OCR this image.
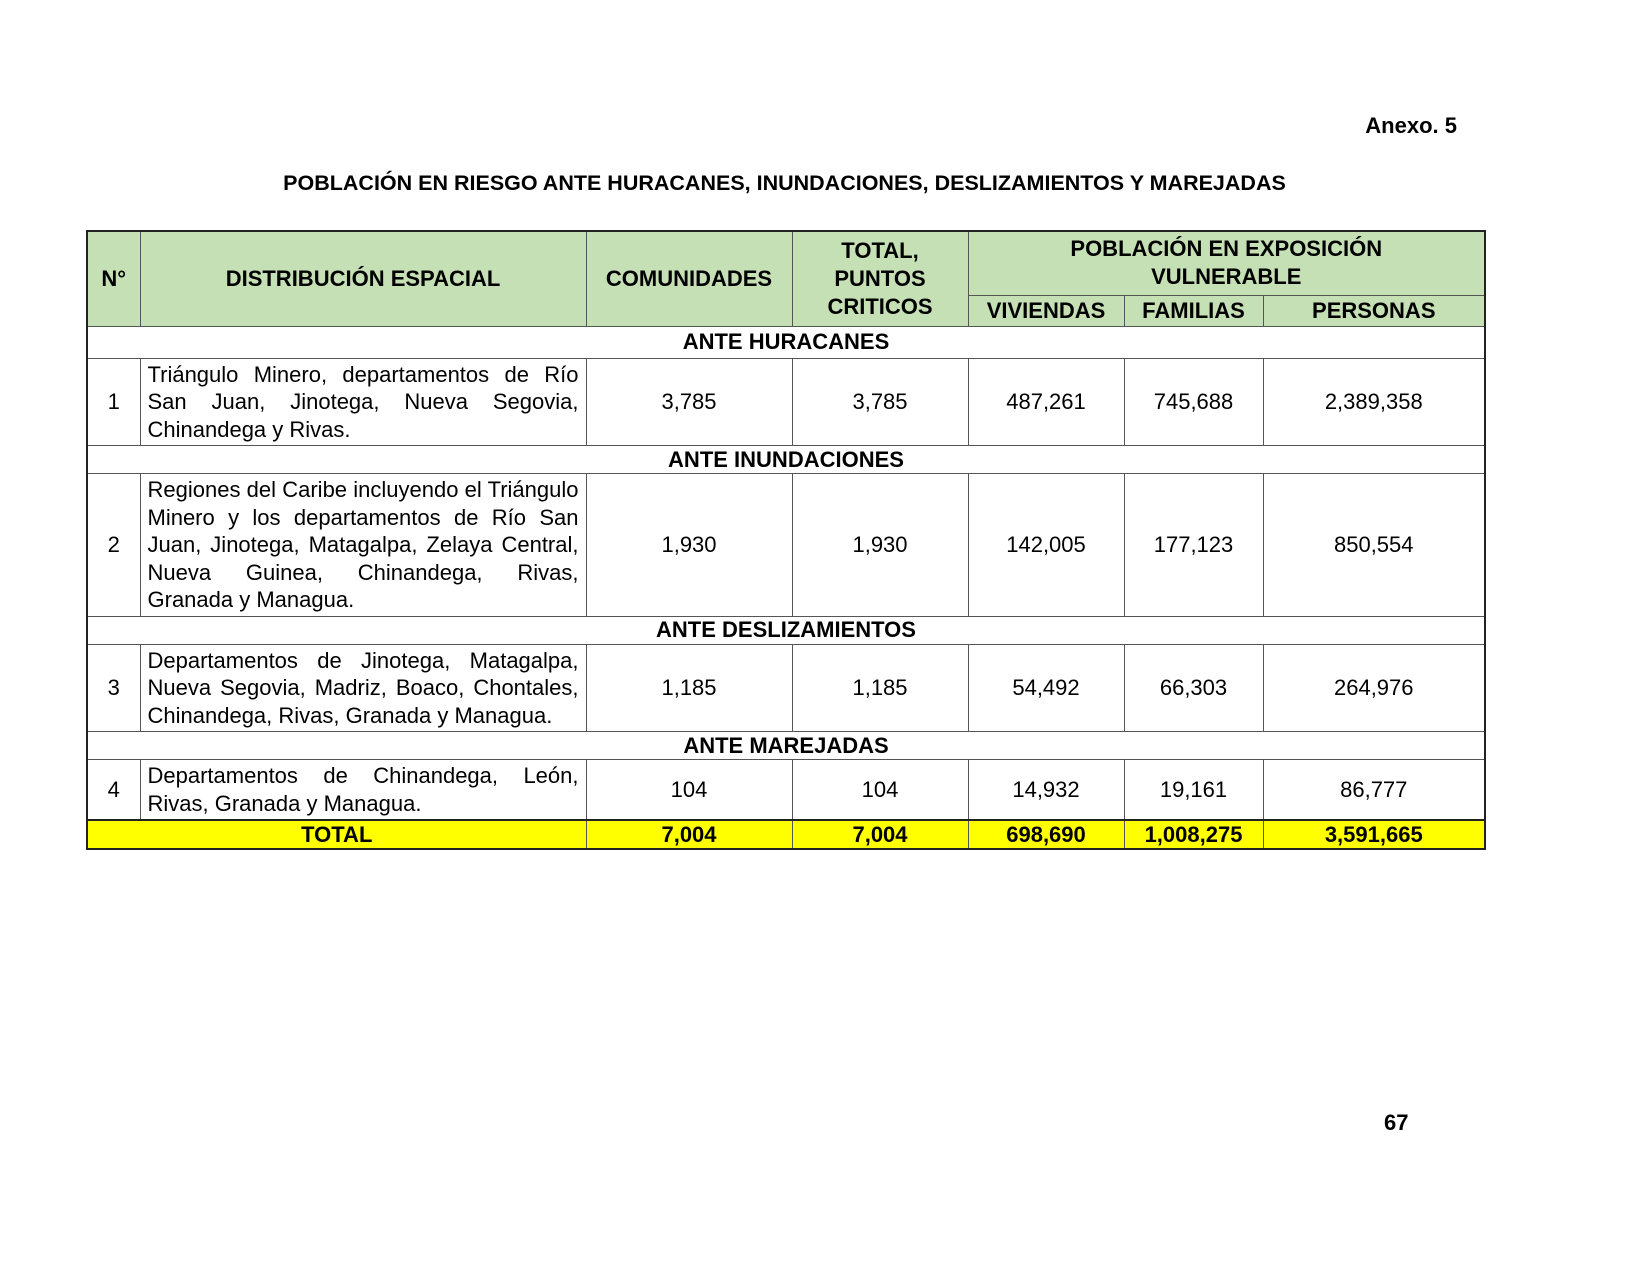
Anexo. 5
POBLACIÓN EN RIESGO ANTE HURACANES, INUNDACIONES, DESLIZAMIENTOS Y MAREJADAS
N°	DISTRIBUCIÓN ESPACIAL	COMUNIDADES	TOTAL, PUNTOS CRITICOS	POBLACIÓN EN EXPOSICIÓN VULNERABLE		
				VIVIENDAS	FAMILIAS	PERSONAS
ANTE HURACANES						
1	Triángulo Minero, departamentos de Río San Juan, Jinotega, Nueva Segovia, Chinandega y Rivas.	3,785	3,785	487,261	745,688	2,389,358
ANTE INUNDACIONES						
2	Regiones del Caribe incluyendo el Triángulo Minero y los departamentos de Río San Juan, Jinotega, Matagalpa, Zelaya Central, Nueva Guinea, Chinandega, Rivas, Granada y Managua.	1,930	1,930	142,005	177,123	850,554
ANTE DESLIZAMIENTOS						
3	Departamentos de Jinotega, Matagalpa, Nueva Segovia, Madriz, Boaco, Chontales, Chinandega, Rivas, Granada y Managua.	1,185	1,185	54,492	66,303	264,976
ANTE MAREJADAS						
4	Departamentos de Chinandega, León, Rivas, Granada y Managua.	104	104	14,932	19,161	86,777
TOTAL		7,004	7,004	698,690	1,008,275	3,591,665
67
